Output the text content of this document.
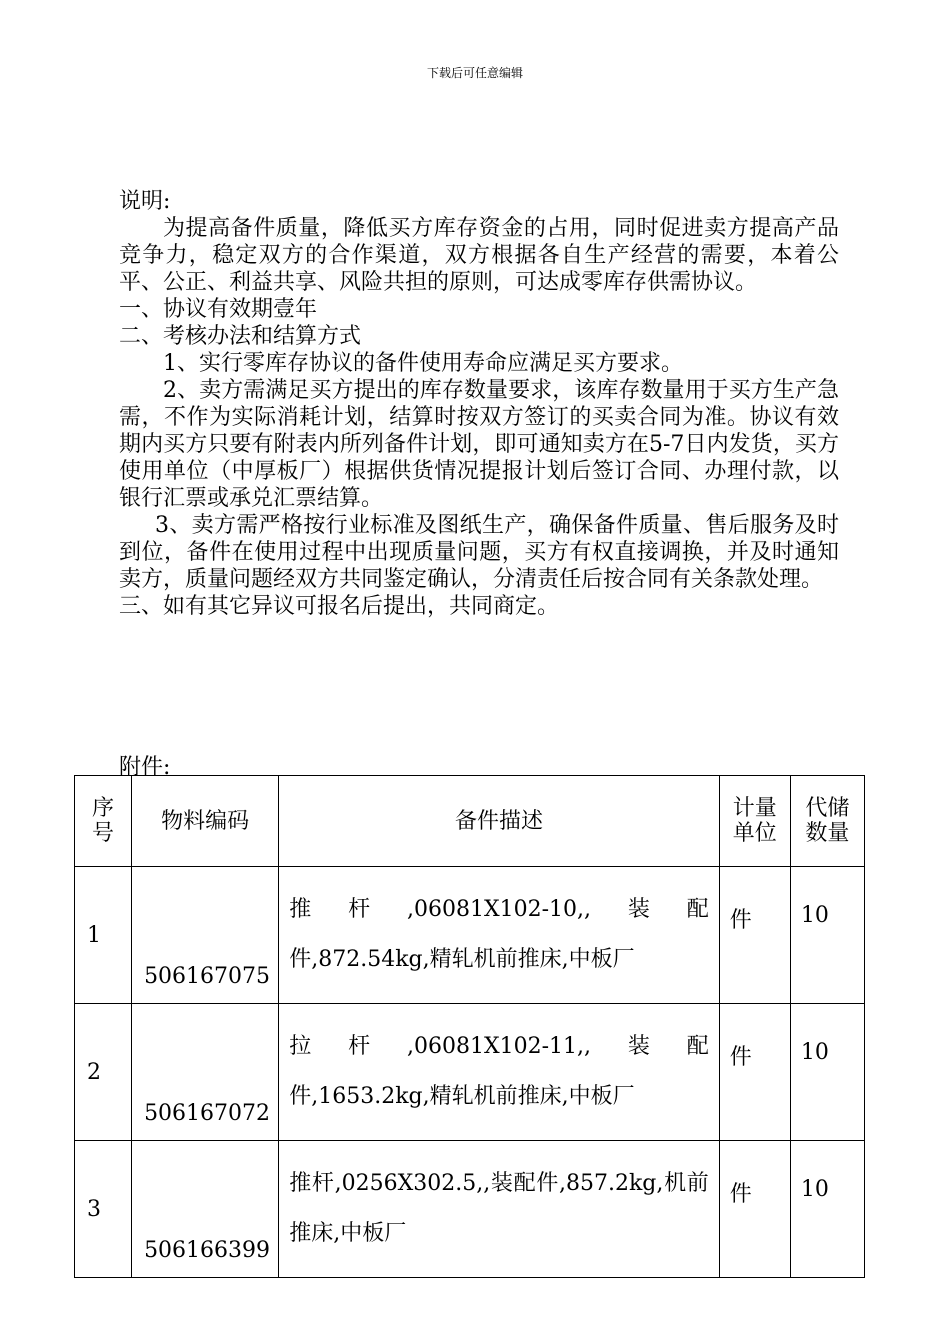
下载后可任意编辑

说明:

为提高备件质量，降低买方库存资金的占用，同时促进卖方提高产品竞争力，稳定双方的合作渠道，双方根据各自生产经营的需要，本着公平、公正、利益共享、风险共担的原则，可达成零库存供需协议。

一、协议有效期壹年

二、考核办法和结算方式

1、实行零库存协议的备件使用寿命应满足买方要求。

2、卖方需满足买方提出的库存数量要求，该库存数量用于买方生产急需，不作为实际消耗计划，结算时按双方签订的买卖合同为准。协议有效期内买方只要有附表内所列备件计划，即可通知卖方在5-7日内发货，买方使用单位（中厚板厂）根据供货情况提报计划后签订合同、办理付款，以银行汇票或承兑汇票结算。

3、卖方需严格按行业标准及图纸生产，确保备件质量、售后服务及时到位，备件在使用过程中出现质量问题，买方有权直接调换，并及时通知卖方，质量问题经双方共同鉴定确认，分清责任后按合同有关条款处理。

三、如有其它异议可报名后提出，共同商定。

附件:
序号	物料编码	备件描述	计量单位	代储数量
1	506167075	推　杆　,06081X102-10,,　装　配件,872.54kg,精轧机前推床,中板厂	件	10
2	506167072	拉　杆　,06081X102-11,,　装　配件,1653.2kg,精轧机前推床,中板厂	件	10
3	506166399	推杆,0256X302.5,,装配件,857.2kg,机前推床,中板厂	件	10
